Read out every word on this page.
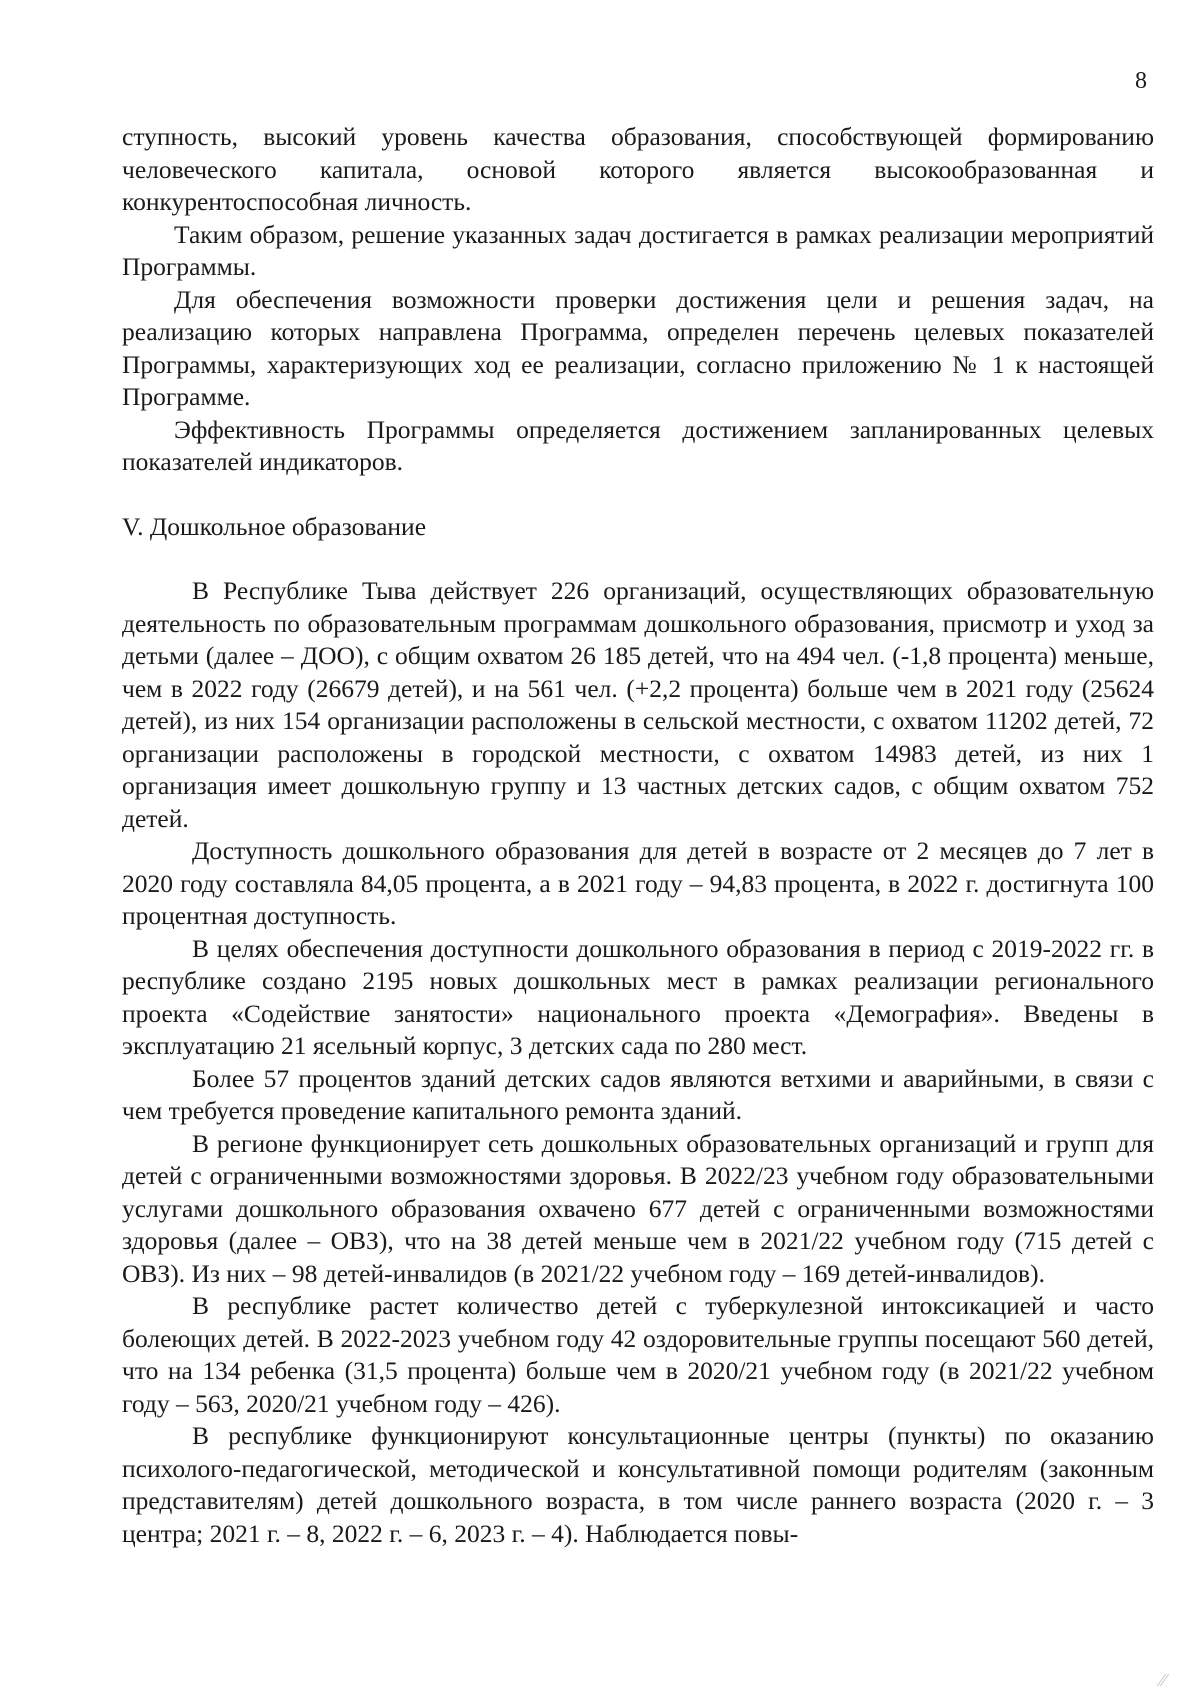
8

ступность, высокий уровень качества образования, способствующей формированию человеческого капитала, основой которого является высокообразованная и конкурентоспособная личность.

Таким образом, решение указанных задач достигается в рамках реализации мероприятий Программы.

Для обеспечения возможности проверки достижения цели и решения задач, на реализацию которых направлена Программа, определен перечень целевых показателей Программы, характеризующих ход ее реализации, согласно приложению № 1 к настоящей Программе.

Эффективность Программы определяется достижением запланированных целевых показателей индикаторов.

V. Дошкольное образование

В Республике Тыва действует 226 организаций, осуществляющих образовательную деятельность по образовательным программам дошкольного образования, присмотр и уход за детьми (далее – ДОО), с общим охватом 26 185 детей, что на 494 чел. (-1,8 процента) меньше, чем в 2022 году (26679 детей), и на 561 чел. (+2,2 процента) больше чем в 2021 году (25624 детей), из них 154 организации расположены в сельской местности, с охватом 11202 детей, 72 организации расположены в городской местности, с охватом 14983 детей, из них 1 организация имеет дошкольную группу и 13 частных детских садов, с общим охватом 752 детей.

Доступность дошкольного образования для детей в возрасте от 2 месяцев до 7 лет в 2020 году составляла 84,05 процента, а в 2021 году – 94,83 процента, в 2022 г. достигнута 100 процентная доступность.

В целях обеспечения доступности дошкольного образования в период с 2019-2022 гг. в республике создано 2195 новых дошкольных мест в рамках реализации регионального проекта «Содействие занятости» национального проекта «Демография». Введены в эксплуатацию 21 ясельный корпус, 3 детских сада по 280 мест.

Более 57 процентов зданий детских садов являются ветхими и аварийными, в связи с чем требуется проведение капитального ремонта зданий.

В регионе функционирует сеть дошкольных образовательных организаций и групп для детей с ограниченными возможностями здоровья. В 2022/23 учебном году образовательными услугами дошкольного образования охвачено 677 детей с ограниченными возможностями здоровья (далее – ОВЗ), что на 38 детей меньше чем в 2021/22 учебном году (715 детей с ОВЗ). Из них – 98 детей-инвалидов (в 2021/22 учебном году – 169 детей-инвалидов).

В республике растет количество детей с туберкулезной интоксикацией и часто болеющих детей. В 2022-2023 учебном году 42 оздоровительные группы посещают 560 детей, что на 134 ребенка (31,5 процента) больше чем в 2020/21 учебном году (в 2021/22 учебном году – 563, 2020/21 учебном году – 426).

В республике функционируют консультационные центры (пункты) по оказанию психолого-педагогической, методической и консультативной помощи родителям (законным представителям) детей дошкольного возраста, в том числе раннего возраста (2020 г. – 3 центра; 2021 г. – 8, 2022 г. – 6, 2023 г. – 4). Наблюдается повы-

⁄⁄
